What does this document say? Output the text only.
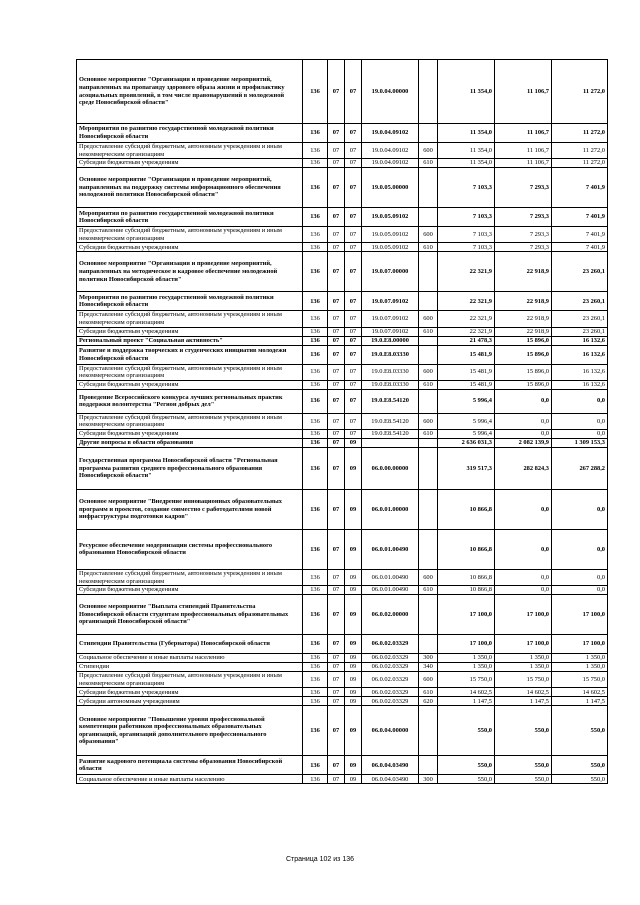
Основное мероприятие "Организация и проведение мероприятий, направленных на пропаганду здорового образа жизни и профилактику асоциальных проявлений, в том числе правонарушений в молодежной среде Новосибирской области"	136	07	07	19.0.04.00000		11 354,0	11 106,7	11 272,0
Мероприятия по развитию государственной молодежной политики Новосибирской области	136	07	07	19.0.04.09102		11 354,0	11 106,7	11 272,0
Предоставление субсидий бюджетным, автономным учреждениям и иным некоммерческим организациям	136	07	07	19.0.04.09102	600	11 354,0	11 106,7	11 272,0
Субсидии бюджетным учреждениям	136	07	07	19.0.04.09102	610	11 354,0	11 106,7	11 272,0
Основное мероприятие "Организация и проведение мероприятий, направленных на поддержку системы информационного обеспечения молодежной политики Новосибирской области"	136	07	07	19.0.05.00000		7 103,3	7 293,3	7 401,9
Мероприятия по развитию государственной молодежной политики Новосибирской области	136	07	07	19.0.05.09102		7 103,3	7 293,3	7 401,9
Предоставление субсидий бюджетным, автономным учреждениям и иным некоммерческим организациям	136	07	07	19.0.05.09102	600	7 103,3	7 293,3	7 401,9
Субсидии бюджетным учреждениям	136	07	07	19.0.05.09102	610	7 103,3	7 293,3	7 401,9
Основное мероприятие "Организация и проведение мероприятий, направленных на методическое и кадровое обеспечение молодежной политики Новосибирской области"	136	07	07	19.0.07.00000		22 321,9	22 918,9	23 260,1
Мероприятия по развитию государственной молодежной политики Новосибирской области	136	07	07	19.0.07.09102		22 321,9	22 918,9	23 260,1
Предоставление субсидий бюджетным, автономным учреждениям и иным некоммерческим организациям	136	07	07	19.0.07.09102	600	22 321,9	22 918,9	23 260,1
Субсидии бюджетным учреждениям	136	07	07	19.0.07.09102	610	22 321,9	22 918,9	23 260,1
Региональный проект "Социальная активность"	136	07	07	19.0.E8.00000		21 478,3	15 896,0	16 132,6
Развитие и поддержка творческих и студенческих инициатив молодежи Новосибирской области	136	07	07	19.0.E8.03330		15 481,9	15 896,0	16 132,6
Предоставление субсидий бюджетным, автономным учреждениям и иным некоммерческим организациям	136	07	07	19.0.E8.03330	600	15 481,9	15 896,0	16 132,6
Субсидии бюджетным учреждениям	136	07	07	19.0.E8.03330	610	15 481,9	15 896,0	16 132,6
Проведение Всероссийского конкурса лучших региональных практик поддержки волонтерства "Регион добрых дел"	136	07	07	19.0.E8.54120		5 996,4	0,0	0,0
Предоставление субсидий бюджетным, автономным учреждениям и иным некоммерческим организациям	136	07	07	19.0.E8.54120	600	5 996,4	0,0	0,0
Субсидии бюджетным учреждениям	136	07	07	19.0.E8.54120	610	5 996,4	0,0	0,0
Другие вопросы в области образования	136	07	09			2 636 031,3	2 082 139,9	1 309 153,3
Государственная программа Новосибирской области "Региональная программа развития среднего профессионального образования Новосибирской области"	136	07	09	06.0.00.00000		319 517,3	282 824,3	267 288,2
Основное мероприятие "Внедрение инновационных образовательных программ и проектов, создание совместно с работодателями новой инфраструктуры подготовки кадров"	136	07	09	06.0.01.00000		10 866,8	0,0	0,0
Ресурсное обеспечение модернизации системы профессионального образования Новосибирской области	136	07	09	06.0.01.00490		10 866,8	0,0	0,0
Предоставление субсидий бюджетным, автономным учреждениям и иным некоммерческим организациям	136	07	09	06.0.01.00490	600	10 866,8	0,0	0,0
Субсидии бюджетным учреждениям	136	07	09	06.0.01.00490	610	10 866,8	0,0	0,0
Основное мероприятие "Выплата стипендий Правительства Новосибирской области студентам профессиональных образовательных организаций Новосибирской области"	136	07	09	06.0.02.00000		17 100,0	17 100,0	17 100,0
Стипендии Правительства (Губернатора) Новосибирской области	136	07	09	06.0.02.03329		17 100,0	17 100,0	17 100,0
Социальное обеспечение и иные выплаты населению	136	07	09	06.0.02.03329	300	1 350,0	1 350,0	1 350,0
Стипендии	136	07	09	06.0.02.03329	340	1 350,0	1 350,0	1 350,0
Предоставление субсидий бюджетным, автономным учреждениям и иным некоммерческим организациям	136	07	09	06.0.02.03329	600	15 750,0	15 750,0	15 750,0
Субсидии бюджетным учреждениям	136	07	09	06.0.02.03329	610	14 602,5	14 602,5	14 602,5
Субсидии автономным учреждениям	136	07	09	06.0.02.03329	620	1 147,5	1 147,5	1 147,5
Основное мероприятие "Повышение уровня профессиональной компетенции работников профессиональных образовательных организаций, организаций дополнительного профессионального образования"	136	07	09	06.0.04.00000		550,0	550,0	550,0
Развитие кадрового потенциала системы образования Новосибирской области	136	07	09	06.0.04.03490		550,0	550,0	550,0
Социальное обеспечение и иные выплаты населению	136	07	09	06.0.04.03490	300	550,0	550,0	550,0
Страница 102 из 136
